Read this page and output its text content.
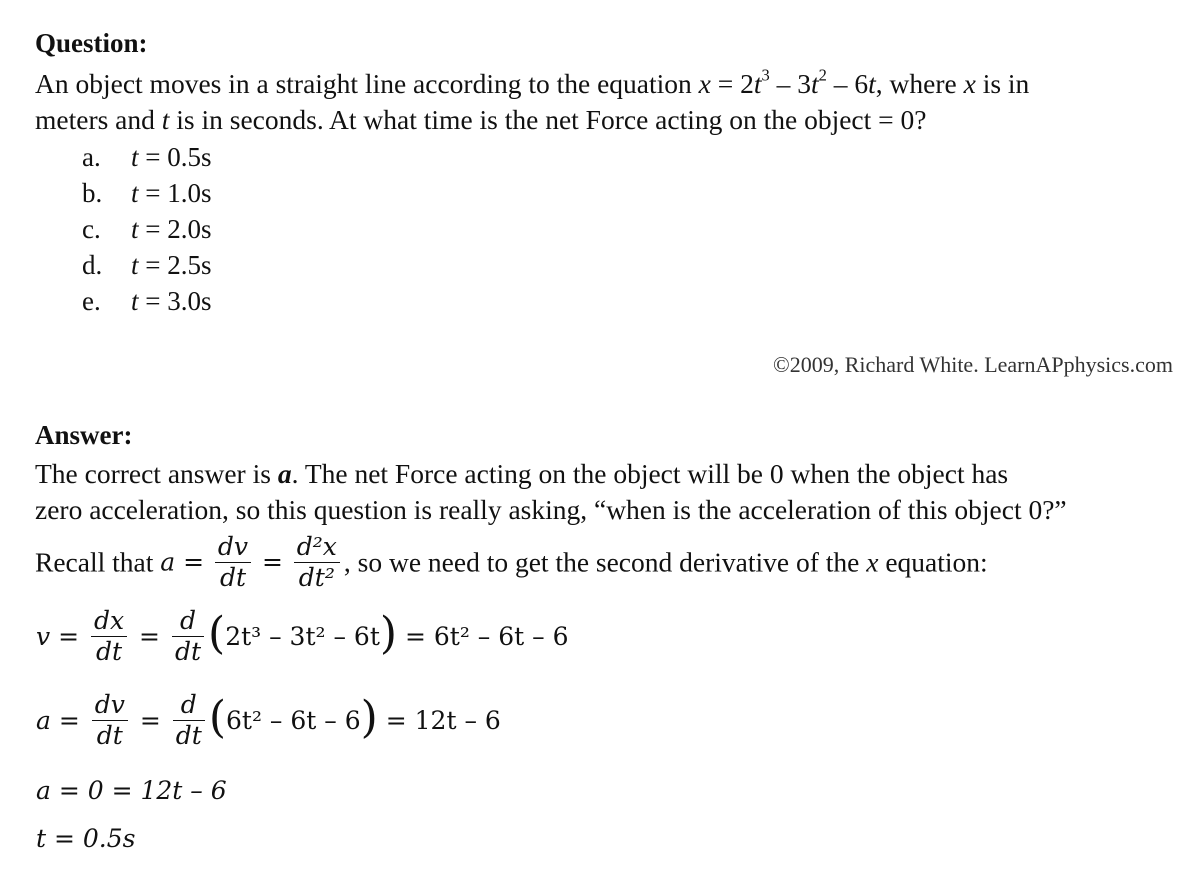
Question:
An object moves in a straight line according to the equation $x = 2t^3 - 3t^2 - 6t$, where x is in
meters and t is in seconds. At what time is the net Force acting on the object = 0?
a. t = 0.5s
b. t = 1.0s
c. t = 2.0s
d. t = 2.5s
e. t = 3.0s
©2009, Richard White. LearnAPphysics.com
Answer:
The correct answer is a. The net Force acting on the object will be 0 when the object has
zero acceleration, so this question is really asking, “when is the acceleration of this object 0?”
Recall that $a = \frac{dv}{dt} = \frac{\text{d²x}}{\text{dt²}}$ , so we need to get the second derivative of the x equation:
$v = \frac{dx}{dt} = \frac{d}{dt} (2t^3 - 3t^2 - 6t) = 6t^2 - 6t - 6$
$a = \frac{dv}{dt} = \frac{d}{dt} (6t^2 - 6t - 6) = 12t - 6$
a = 0 = 12t – 6
t = 0.5s
